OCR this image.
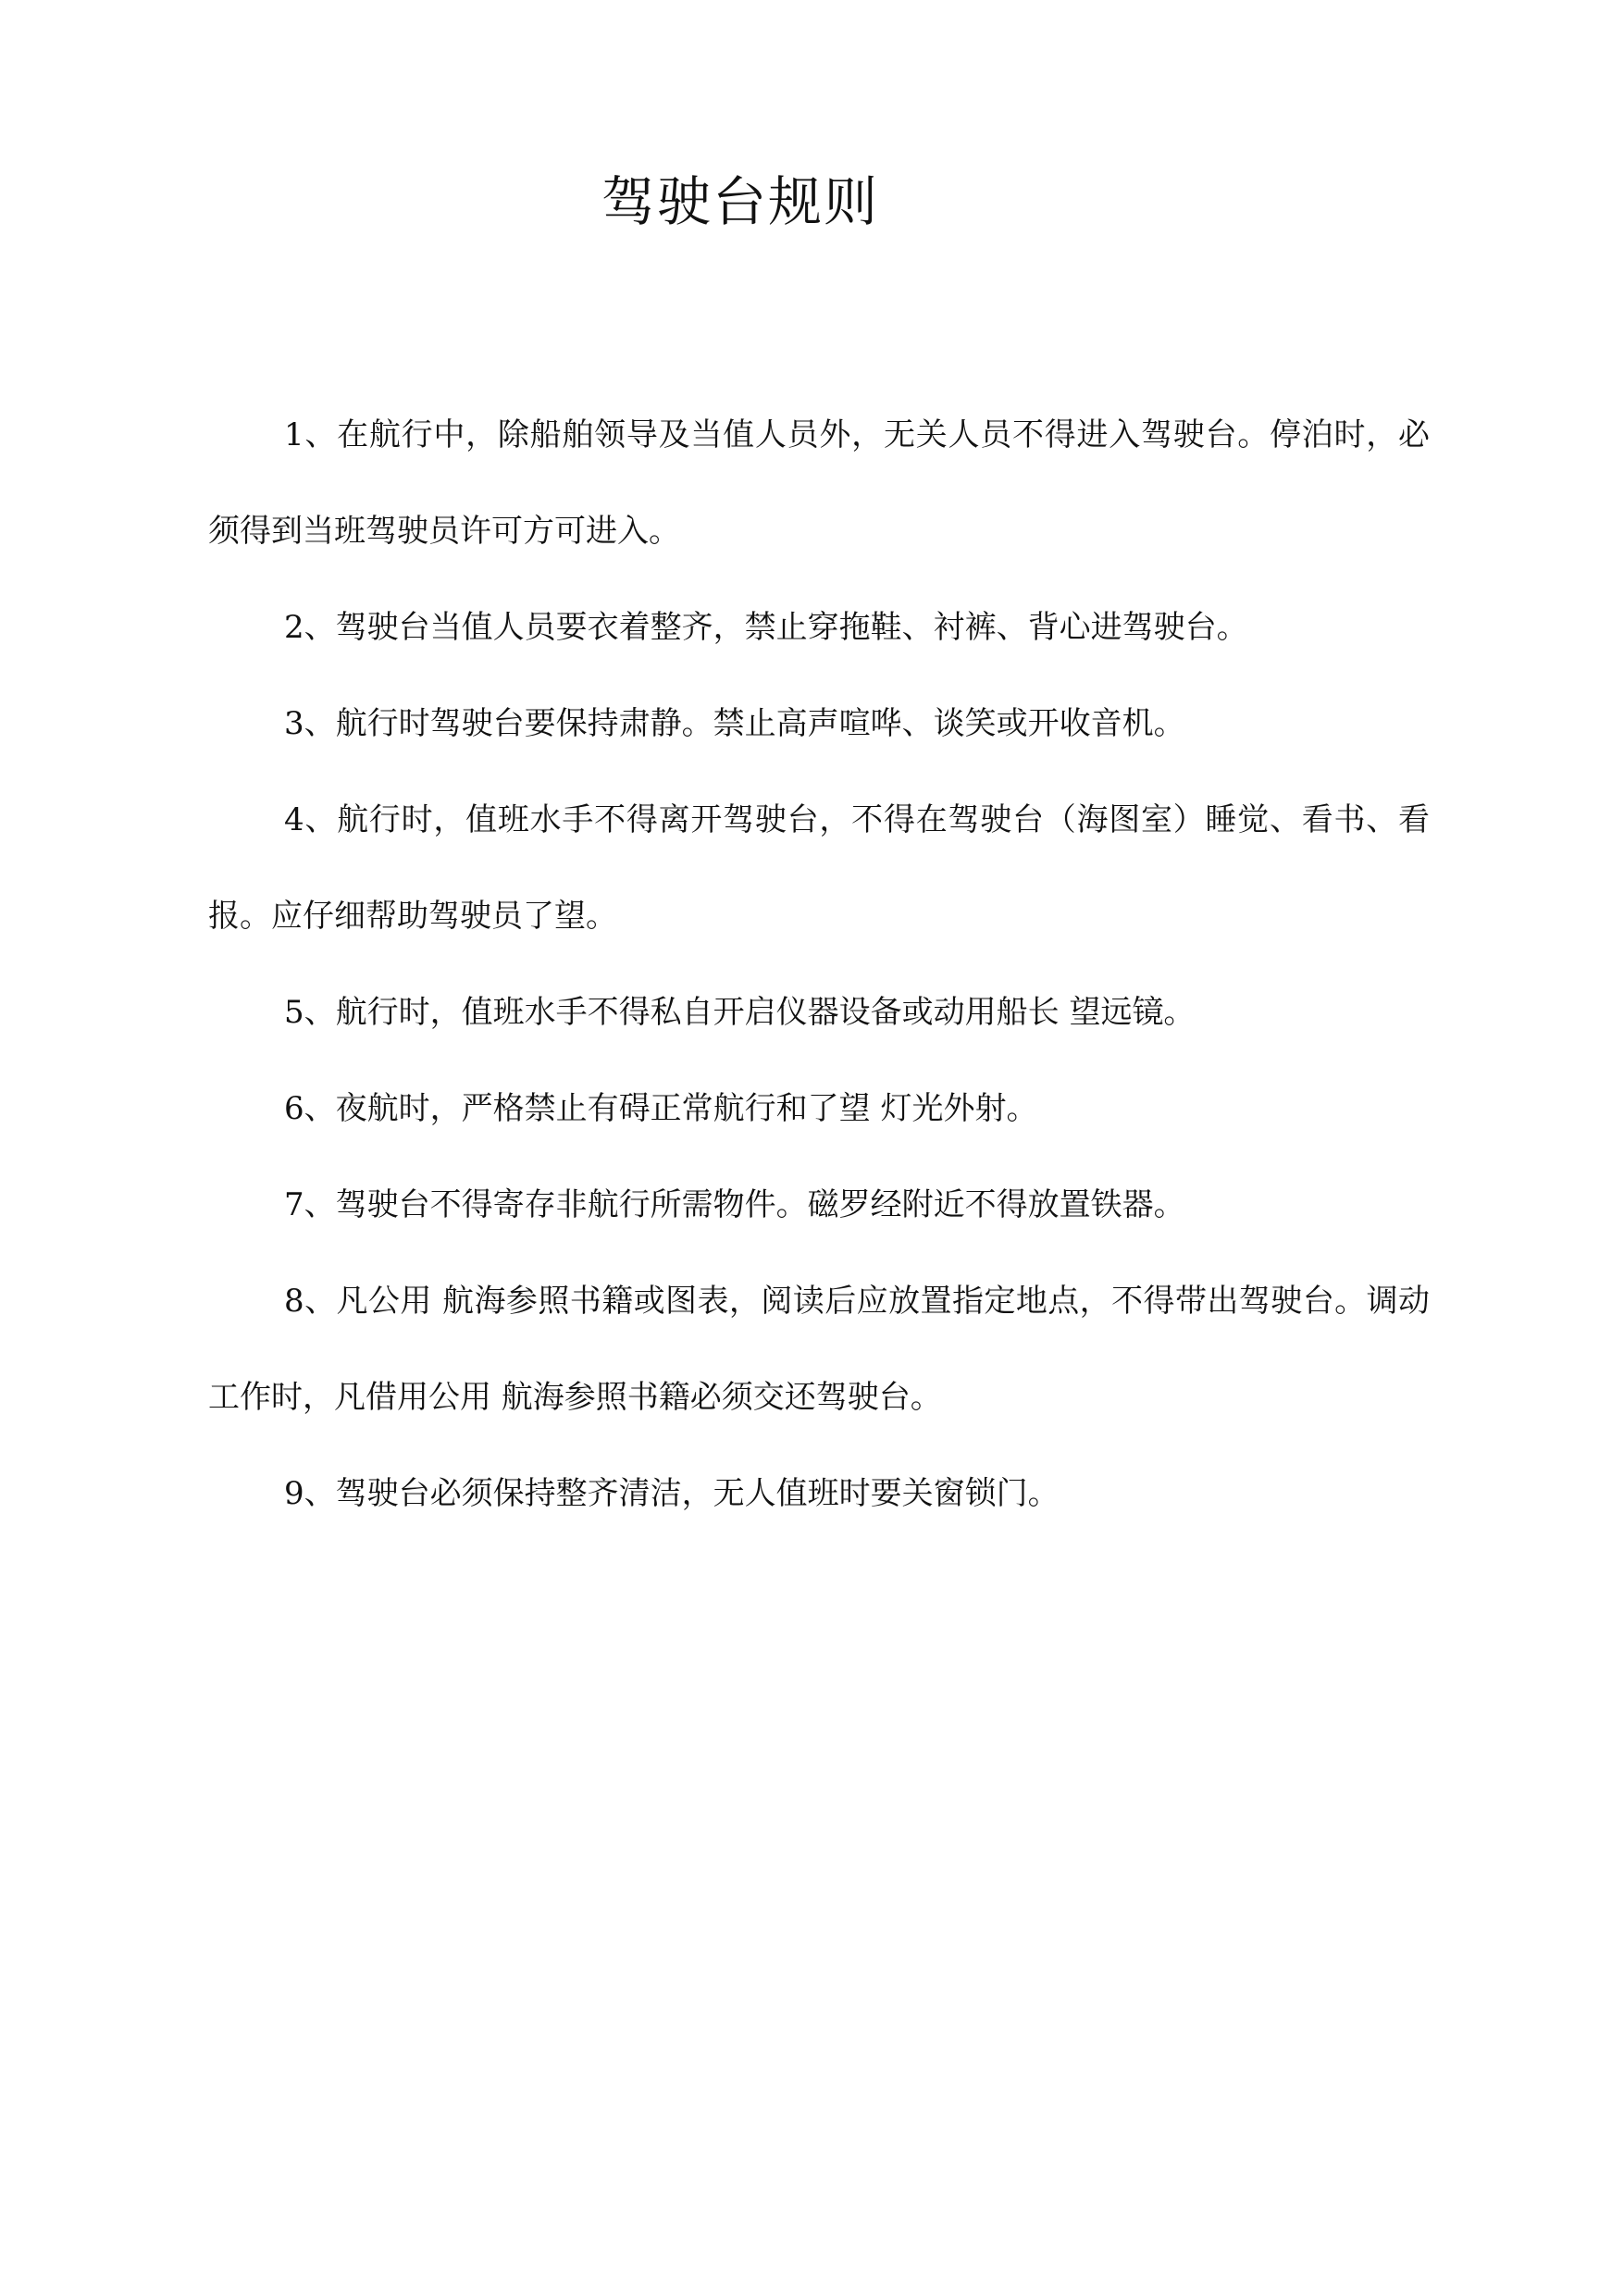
驾驶台规则
1、在航行中，除船舶领导及当值人员外，无关人员不得进入驾驶台。停泊时，必须得到当班驾驶员许可方可进入。
2、驾驶台当值人员要衣着整齐，禁止穿拖鞋、衬裤、背心进驾驶台。
3、航行时驾驶台要保持肃静。禁止高声喧哗、谈笑或开收音机。
4、航行时，值班水手不得离开驾驶台，不得在驾驶台（海图室）睡觉、看书、看报。应仔细帮助驾驶员了望。
5、航行时，值班水手不得私自开启仪器设备或动用船长 望远镜。
6、夜航时，严格禁止有碍正常航行和了望 灯光外射。
7、驾驶台不得寄存非航行所需物件。磁罗经附近不得放置铁器。
8、凡公用 航海参照书籍或图表，阅读后应放置指定地点，不得带出驾驶台。调动工作时，凡借用公用 航海参照书籍必须交还驾驶台。
9、驾驶台必须保持整齐清洁，无人值班时要关窗锁门。
